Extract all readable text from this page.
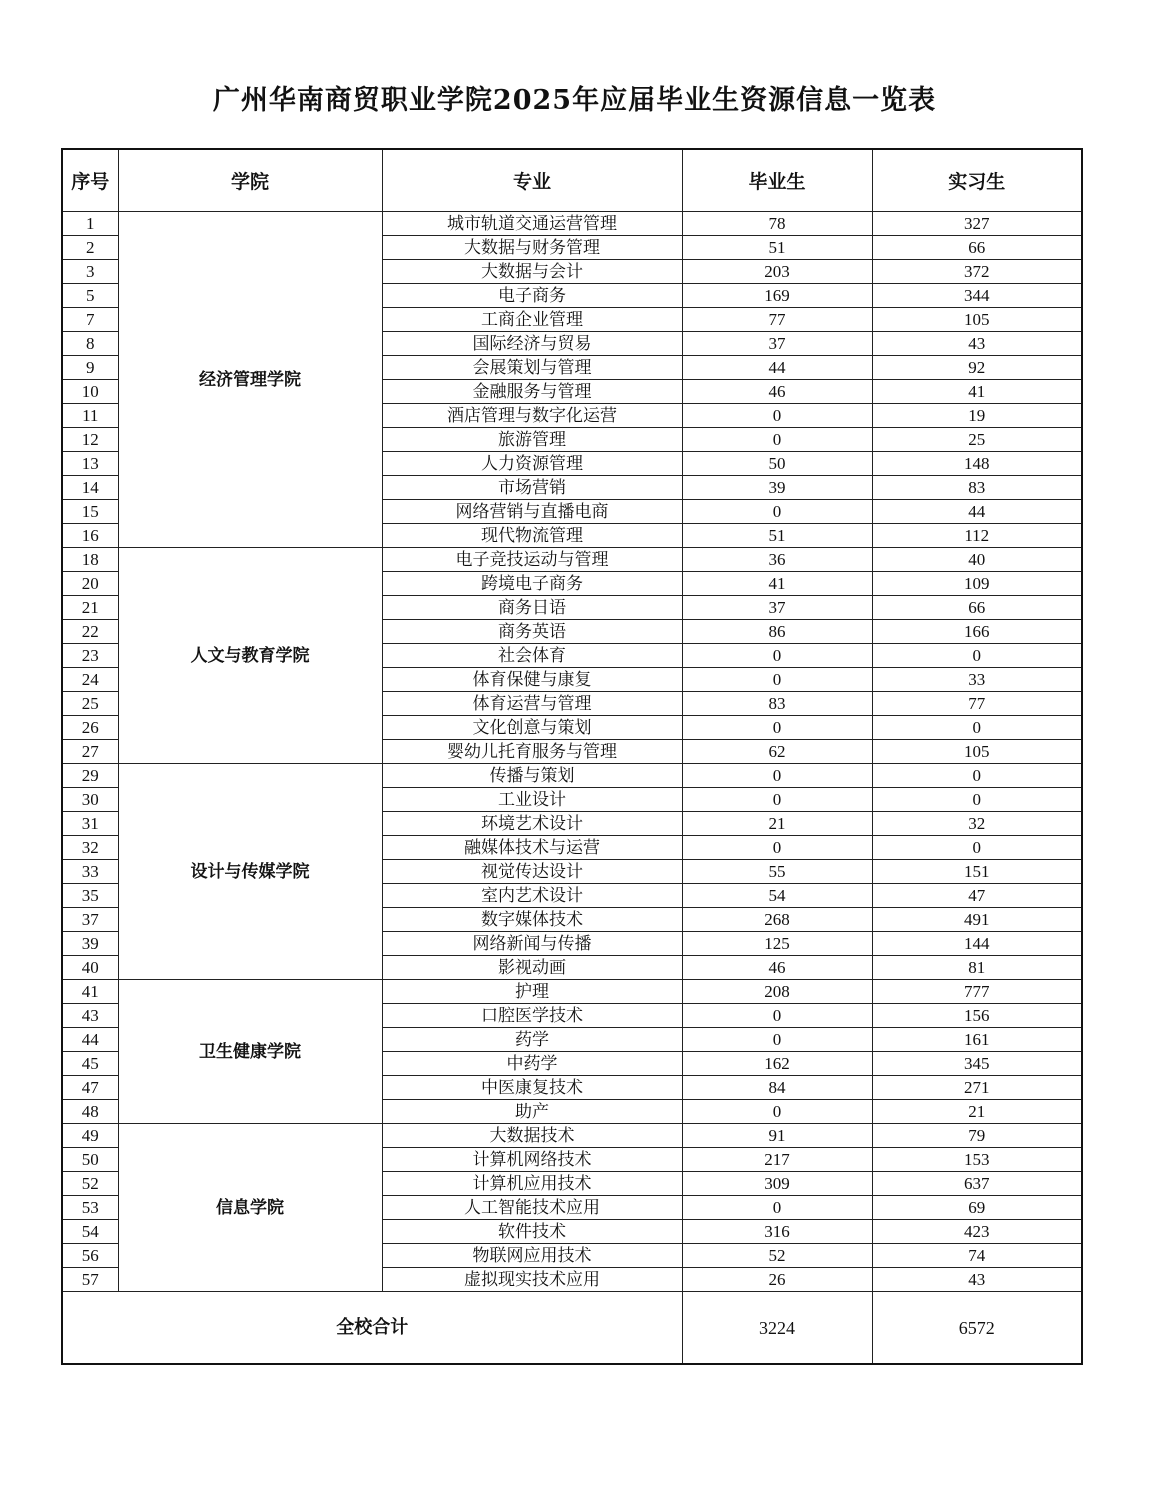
广州华南商贸职业学院2025年应届毕业生资源信息一览表
序号	学院	专业	毕业生	实习生
1	经济管理学院	城市轨道交通运营管理	78	327
2		大数据与财务管理	51	66
3		大数据与会计	203	372
5		电子商务	169	344
7		工商企业管理	77	105
8		国际经济与贸易	37	43
9		会展策划与管理	44	92
10		金融服务与管理	46	41
11		酒店管理与数字化运营	0	19
12		旅游管理	0	25
13		人力资源管理	50	148
14		市场营销	39	83
15		网络营销与直播电商	0	44
16		现代物流管理	51	112
18	人文与教育学院	电子竞技运动与管理	36	40
20		跨境电子商务	41	109
21		商务日语	37	66
22		商务英语	86	166
23		社会体育	0	0
24		体育保健与康复	0	33
25		体育运营与管理	83	77
26		文化创意与策划	0	0
27		婴幼儿托育服务与管理	62	105
29	设计与传媒学院	传播与策划	0	0
30		工业设计	0	0
31		环境艺术设计	21	32
32		融媒体技术与运营	0	0
33		视觉传达设计	55	151
35		室内艺术设计	54	47
37		数字媒体技术	268	491
39		网络新闻与传播	125	144
40		影视动画	46	81
41	卫生健康学院	护理	208	777
43		口腔医学技术	0	156
44		药学	0	161
45		中药学	162	345
47		中医康复技术	84	271
48		助产	0	21
49	信息学院	大数据技术	91	79
50		计算机网络技术	217	153
52		计算机应用技术	309	637
53		人工智能技术应用	0	69
54		软件技术	316	423
56		物联网应用技术	52	74
57		虚拟现实技术应用	26	43
全校合计			3224	6572
